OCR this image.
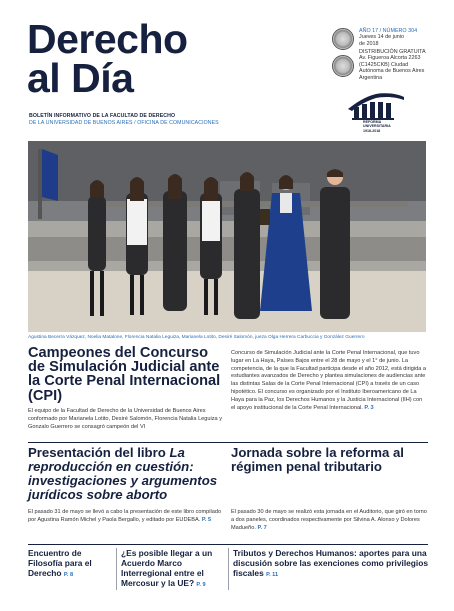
Derecho
al Día
BOLETÍN INFORMATIVO DE LA FACULTAD DE DERECHO
DE LA UNIVERSIDAD DE BUENOS AIRES / OFICINA DE COMUNICACIONES
AÑO 17 / NÚMERO 304
Jueves 14 de junio
de 2018
DISTRIBUCIÓN GRATUITA
Av. Figueroa Alcorta 2263
(C1425CKB) Ciudad
Autónoma de Buenos Aires
Argentina
REFORMA
UNIVERSITARIA
1918-2018
Agustina Becerra Vázquez, Noelia Matalone, Florencia Natalia Leguiza, Marianela Lotito, Desiré Salomón, jueza Olga Herrera Carbuccia y González Guerrero
Campeones del Concurso de Simulación Judicial ante la Corte Penal Internacional (CPI)
El equipo de la Facultad de Derecho de la Universidad de Buenos Aires conformado por Marianela Lotito, Desiré Salomón, Florencia Natalia Leguiza y Gonzalo Guerrero se consagró campeón del VI
Concurso de Simulación Judicial ante la Corte Penal Internacional, que tuvo lugar en La Haya, Países Bajos entre el 28 de mayo y el 1° de junio. La competencia, de la que la Facultad participa desde el año 2012, está dirigida a estudiantes avanzados de Derecho y plantea simulaciones de audiencias ante las distintas Salas de la Corte Penal Internacional (CPI) a través de un caso hipotético. El concurso es organizado por el Instituto Iberoamericano de La Haya para la Paz, los Derechos Humanos y la Justicia Internacional (IIH) con el apoyo institucional de la Corte Penal Internacional. P. 3
Presentación del libro La reproducción en cuestión: investigaciones y argumentos jurídicos sobre aborto
El pasado 31 de mayo se llevó a cabo la presentación de este libro compilado por Agustina Ramón Michel y Paola Bergallo, y editado por EUDEBA. P. 5
Jornada sobre la reforma al régimen penal tributario
El pasado 30 de mayo se realizó esta jornada en el Auditorio, que giró en torno a dos paneles, coordinados respectivamente por Silvina A. Alonso y Dolores Madueño. P. 7
Encuentro de Filosofía para el Derecho P. 8
¿Es posible llegar a un Acuerdo Marco Interregional entre el Mercosur y la UE? P. 9
Tributos y Derechos Humanos: aportes para una discusión sobre las exenciones como privilegios fiscales P. 11
